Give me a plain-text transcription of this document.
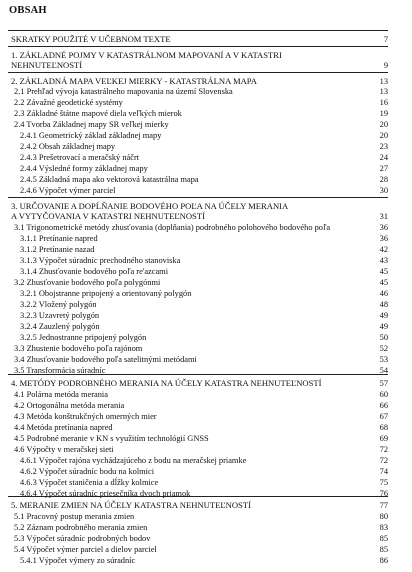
OBSAH
SKRATKY POUŽITÉ V UČEBNOM TEXTE	7
1. ZÁKLADNÉ POJMY V KATASTRÁLNOM MAPOVANÍ A V KATASTRI
NEHNUTEĽNOSTÍ	9
2. ZÁKLADNÁ MAPA VEĽKEJ MIERKY - KATASTRÁLNA MAPA	13
2.1 Prehľad vývoja katastrálneho mapovania na území Slovenska	13
2.2 Závažné geodetické systémy	16
2.3 Základné štátne mapové diela veľkých mierok	19
2.4 Tvorba Základnej mapy SR veľkej mierky	20
2.4.1 Geometrický základ základnej mapy	20
2.4.2 Obsah základnej mapy	23
2.4.3 Prešetrovací a meračský náčrt	24
2.4.4 Výsledné formy základnej mapy	27
2.4.5 Základná mapa ako vektorová katastrálna mapa	28
2.4.6 Výpočet výmer parciel	30
3. URČOVANIE A DOPĹŇANIE BODOVÉHO POĽA NA ÚČELY MERANIA
A VYTYČOVANIA V KATASTRI NEHNUTEĽNOSTÍ	31
3.1 Trigonometrické metódy zhusťovania (doplňania) podrobného polohového bodového poľa	36
3.1.1 Pretínanie napred	36
3.1.2 Pretínanie nazad	42
3.1.3 Výpočet súradníc prechodného stanoviska	43
3.1.4 Zhusťovanie bodového poľa re'azcami	45
3.2 Zhusťovanie bodového poľa polygónmi	45
3.2.1 Obojstranne pripojený a orientovaný polygón	46
3.2.2 Vložený polygón	48
3.2.3 Uzavretý polygón	49
3.2.4 Zauzlený polygón	49
3.2.5 Jednostranne pripojený polygón	50
3.3 Zhustenie bodového poľa rajónom	52
3.4 Zhusťovanie bodového poľa satelitnými metódami	53
3.5 Transformácia súradníc	54
4. METÓDY PODROBNÉHO MERANIA NA ÚČELY KATASTRA NEHNUTEĽNOSTÍ	57
4.1 Polárna metóda merania	60
4.2 Ortogonálna metóda merania	66
4.3 Metóda konštrukčných omerných mier	67
4.4 Metóda pretínania napred	68
4.5 Podrobné meranie v KN s využitím technológií GNSS	69
4.6 Výpočty v meračskej sieti	72
4.6.1 Výpočet rajóna vychádzajúceho z bodu na meračskej priamke	72
4.6.2 Výpočet súradníc bodu na kolmici	74
4.6.3 Výpočet staničenia a dĺžky kolmice	75
4.6.4 Výpočet súradníc priesečníka dvoch priamok	76
5. MERANIE ZMIEN NA ÚČELY KATASTRA NEHNUTEĽNOSTÍ	77
5.1 Pracovný postup merania zmien	80
5.2 Záznam podrobného merania zmien	83
5.3 Výpočet súradníc podrobných bodov	85
5.4 Výpočet výmer parciel a dielov parciel	85
5.4.1 Výpočet výmery zo súradníc	86
